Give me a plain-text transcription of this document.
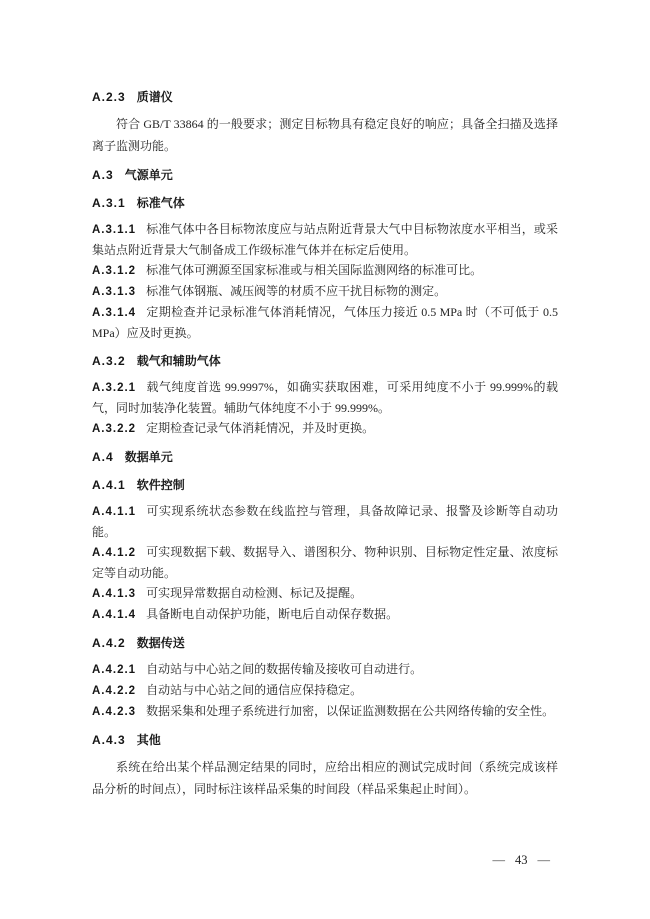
A.2.3 质谱仪

符合 GB/T 33864 的一般要求；测定目标物具有稳定良好的响应；具备全扫描及选择离子监测功能。

A.3 气源单元
A.3.1 标准气体

A.3.1.1 标准气体中各目标物浓度应与站点附近背景大气中目标物浓度水平相当，或采集站点附近背景大气制备成工作级标准气体并在标定后使用。

A.3.1.2 标准气体可溯源至国家标准或与相关国际监测网络的标准可比。

A.3.1.3 标准气体钢瓶、减压阀等的材质不应干扰目标物的测定。

A.3.1.4 定期检查并记录标准气体消耗情况，气体压力接近 0.5 MPa 时（不可低于 0.5 MPa）应及时更换。

A.3.2 载气和辅助气体

A.3.2.1 载气纯度首选 99.9997%，如确实获取困难，可采用纯度不小于 99.999%的载气，同时加装净化装置。辅助气体纯度不小于 99.999%。

A.3.2.2 定期检查记录气体消耗情况，并及时更换。

A.4 数据单元
A.4.1 软件控制

A.4.1.1 可实现系统状态参数在线监控与管理，具备故障记录、报警及诊断等自动功能。

A.4.1.2 可实现数据下载、数据导入、谱图积分、物种识别、目标物定性定量、浓度标定等自动功能。

A.4.1.3 可实现异常数据自动检测、标记及提醒。

A.4.1.4 具备断电自动保护功能，断电后自动保存数据。

A.4.2 数据传送

A.4.2.1 自动站与中心站之间的数据传输及接收可自动进行。

A.4.2.2 自动站与中心站之间的通信应保持稳定。

A.4.2.3 数据采集和处理子系统进行加密，以保证监测数据在公共网络传输的安全性。

A.4.3 其他

系统在给出某个样品测定结果的同时，应给出相应的测试完成时间（系统完成该样品分析的时间点），同时标注该样品采集的时间段（样品采集起止时间）。

— 43 —
